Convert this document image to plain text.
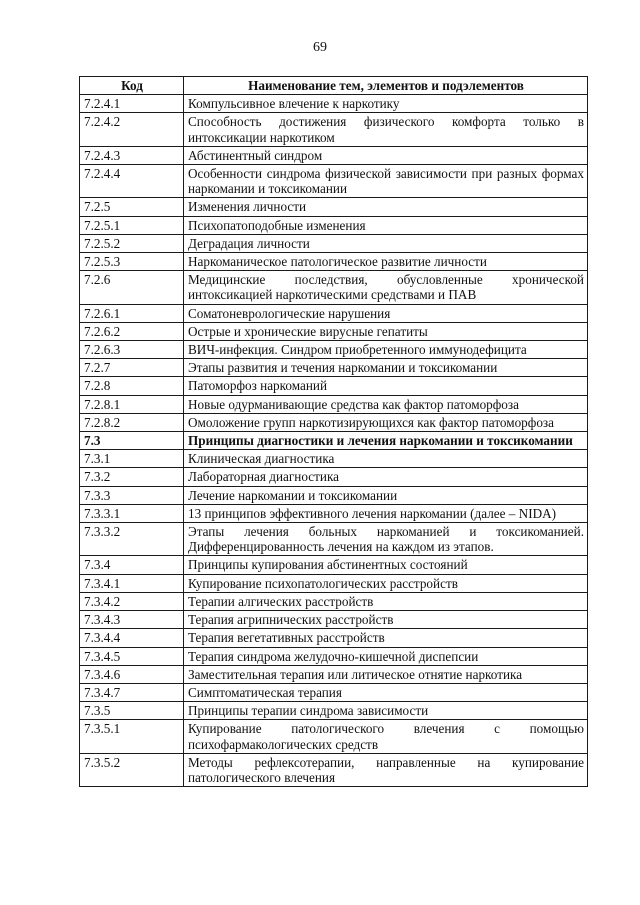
69
Код	Наименование тем, элементов и подэлементов
7.2.4.1	Компульсивное влечение к наркотику
7.2.4.2	Способность достижения физического комфорта только в интоксикации наркотиком
7.2.4.3	Абстинентный синдром
7.2.4.4	Особенности синдрома физической зависимости при разных формах наркомании и токсикомании
7.2.5	Изменения личности
7.2.5.1	Психопатоподобные изменения
7.2.5.2	Деградация личности
7.2.5.3	Наркоманическое патологическое развитие личности
7.2.6	Медицинские последствия, обусловленные хронической интоксикацией наркотическими средствами и ПАВ
7.2.6.1	Соматоневрологические нарушения
7.2.6.2	Острые и хронические вирусные гепатиты
7.2.6.3	ВИЧ-инфекция. Синдром приобретенного иммунодефицита
7.2.7	Этапы развития и течения наркомании и токсикомании
7.2.8	Патоморфоз наркоманий
7.2.8.1	Новые одурманивающие средства как фактор патоморфоза
7.2.8.2	Омоложение групп наркотизирующихся как фактор патоморфоза
7.3	Принципы диагностики и лечения наркомании и токсикомании
7.3.1	Клиническая диагностика
7.3.2	Лабораторная диагностика
7.3.3	Лечение наркомании и токсикомании
7.3.3.1	13 принципов эффективного лечения наркомании (далее – NIDA)
7.3.3.2	Этапы лечения больных наркоманией и токсикоманией. Дифференцированность лечения на каждом из этапов.
7.3.4	Принципы купирования абстинентных состояний
7.3.4.1	Купирование психопатологических расстройств
7.3.4.2	Терапии алгических расстройств
7.3.4.3	Терапия агрипнических расстройств
7.3.4.4	Терапия вегетативных расстройств
7.3.4.5	Терапия синдрома желудочно-кишечной диспепсии
7.3.4.6	Заместительная терапия или литическое отнятие наркотика
7.3.4.7	Симптоматическая терапия
7.3.5	Принципы терапии синдрома зависимости
7.3.5.1	Купирование патологического влечения с помощью психофармакологических средств
7.3.5.2	Методы рефлексотерапии, направленные на купирование патологического влечения
